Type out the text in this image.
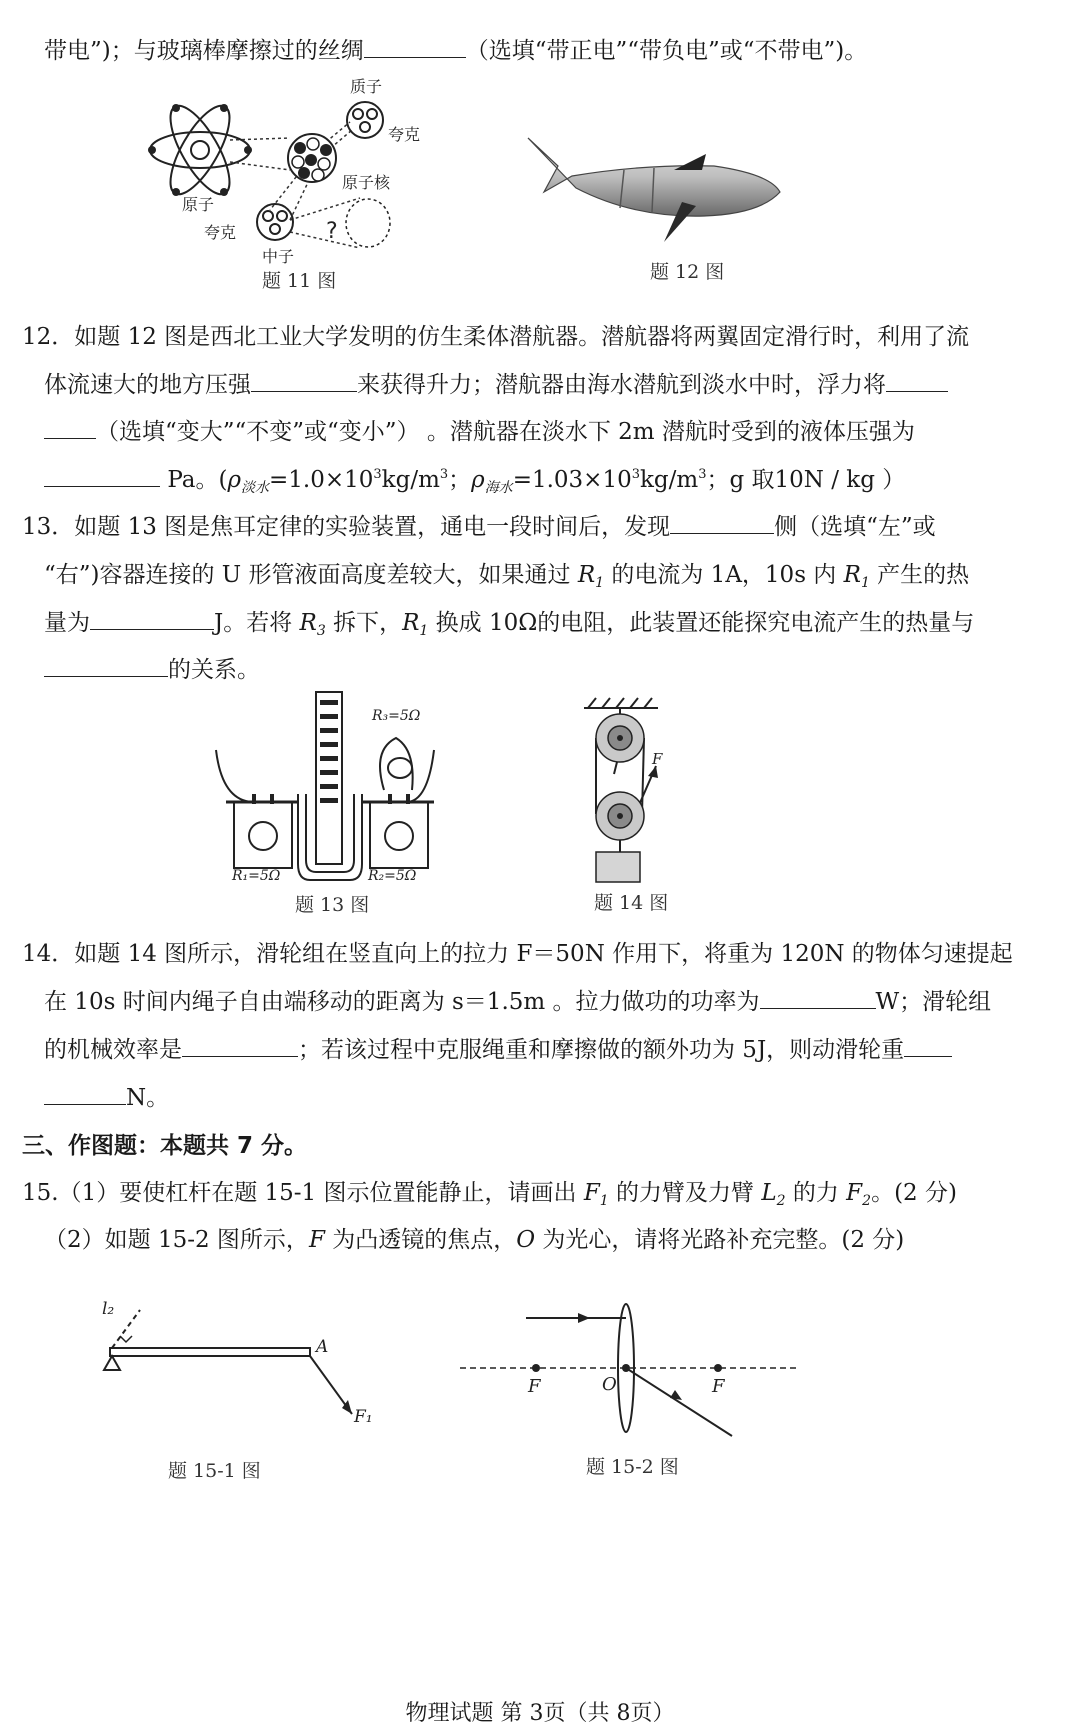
带电”)；与玻璃棒摩擦过的丝绸	（选填“带正电”“带负电”或“不带电”)。
质子
夸克
原子核
原子
夸克
中子
?
题 11 图	题 12 图
12．如题 12 图是西北工业大学发明的仿生柔体潜航器。潜航器将两翼固定滑行时，利用了流
体流速大的地方压强	来获得升力；潜航器由海水潜航到淡水中时，浮力将
（选填“变大”“不变”或“变小”） 。潜航器在淡水下 2m 潜航时受到的液体压强为
Pa。($\rho_{淡水}=1.0\times 10^3kg/m^3$；$\rho_{海水}=1.03\times 10^3kg/m^3$；g 取10N / kg ）
13．如题 13 图是焦耳定律的实验装置，通电一段时间后，发现	侧（选填“左”或
“右”)容器连接的 U 形管液面高度差较大，如果通过 $R_1$ 的电流为 1A，10s 内 $R_1$ 产生的热
量为	J。若将 $R_3$ 拆下，$R_1$ 换成 10Ω的电阻，此装置还能探究电流产生的热量与
的关系。
R₃=5Ω
R₁=5Ω	R₂=5Ω
题 13 图
F
题 14 图
14．如题 14 图所示，滑轮组在竖直向上的拉力 F＝50N 作用下，将重为 120N 的物体匀速提起
在 10s 时间内绳子自由端移动的距离为 s＝1.5m 。拉力做功的功率为	W；滑轮组
的机械效率是	；若该过程中克服绳重和摩擦做的额外功为 5J，则动滑轮重
N。
三、作图题：本题共 7 分。
15.（1）要使杠杆在题 15-1 图示位置能静止，请画出 $F_1$ 的力臂及力臂 $L_2$ 的力 $F_2$。(2 分)
（2）如题 15-2 图所示，F 为凸透镜的焦点，O 为光心，请将光路补充完整。(2 分)
l₂
A
F₁
题 15-1 图
F	O	F
题 15-2 图
物理试题 第 3页（共 8页）
